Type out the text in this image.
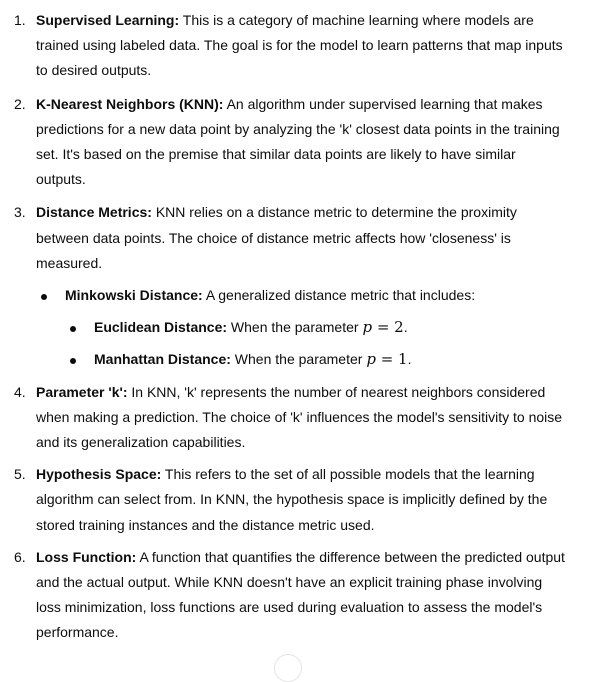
1. Supervised Learning: This is a category of machine learning where models are trained using labeled data. The goal is for the model to learn patterns that map inputs to desired outputs.
2. K-Nearest Neighbors (KNN): An algorithm under supervised learning that makes predictions for a new data point by analyzing the 'k' closest data points in the training set. It's based on the premise that similar data points are likely to have similar outputs.
3. Distance Metrics: KNN relies on a distance metric to determine the proximity between data points. The choice of distance metric affects how 'closeness' is measured.
Minkowski Distance: A generalized distance metric that includes:
Euclidean Distance: When the parameter p = 2.
Manhattan Distance: When the parameter p = 1.
4. Parameter 'k': In KNN, 'k' represents the number of nearest neighbors considered when making a prediction. The choice of 'k' influences the model's sensitivity to noise and its generalization capabilities.
5. Hypothesis Space: This refers to the set of all possible models that the learning algorithm can select from. In KNN, the hypothesis space is implicitly defined by the stored training instances and the distance metric used.
6. Loss Function: A function that quantifies the difference between the predicted output and the actual output. While KNN doesn't have an explicit training phase involving loss minimization, loss functions are used during evaluation to assess the model's performance.
